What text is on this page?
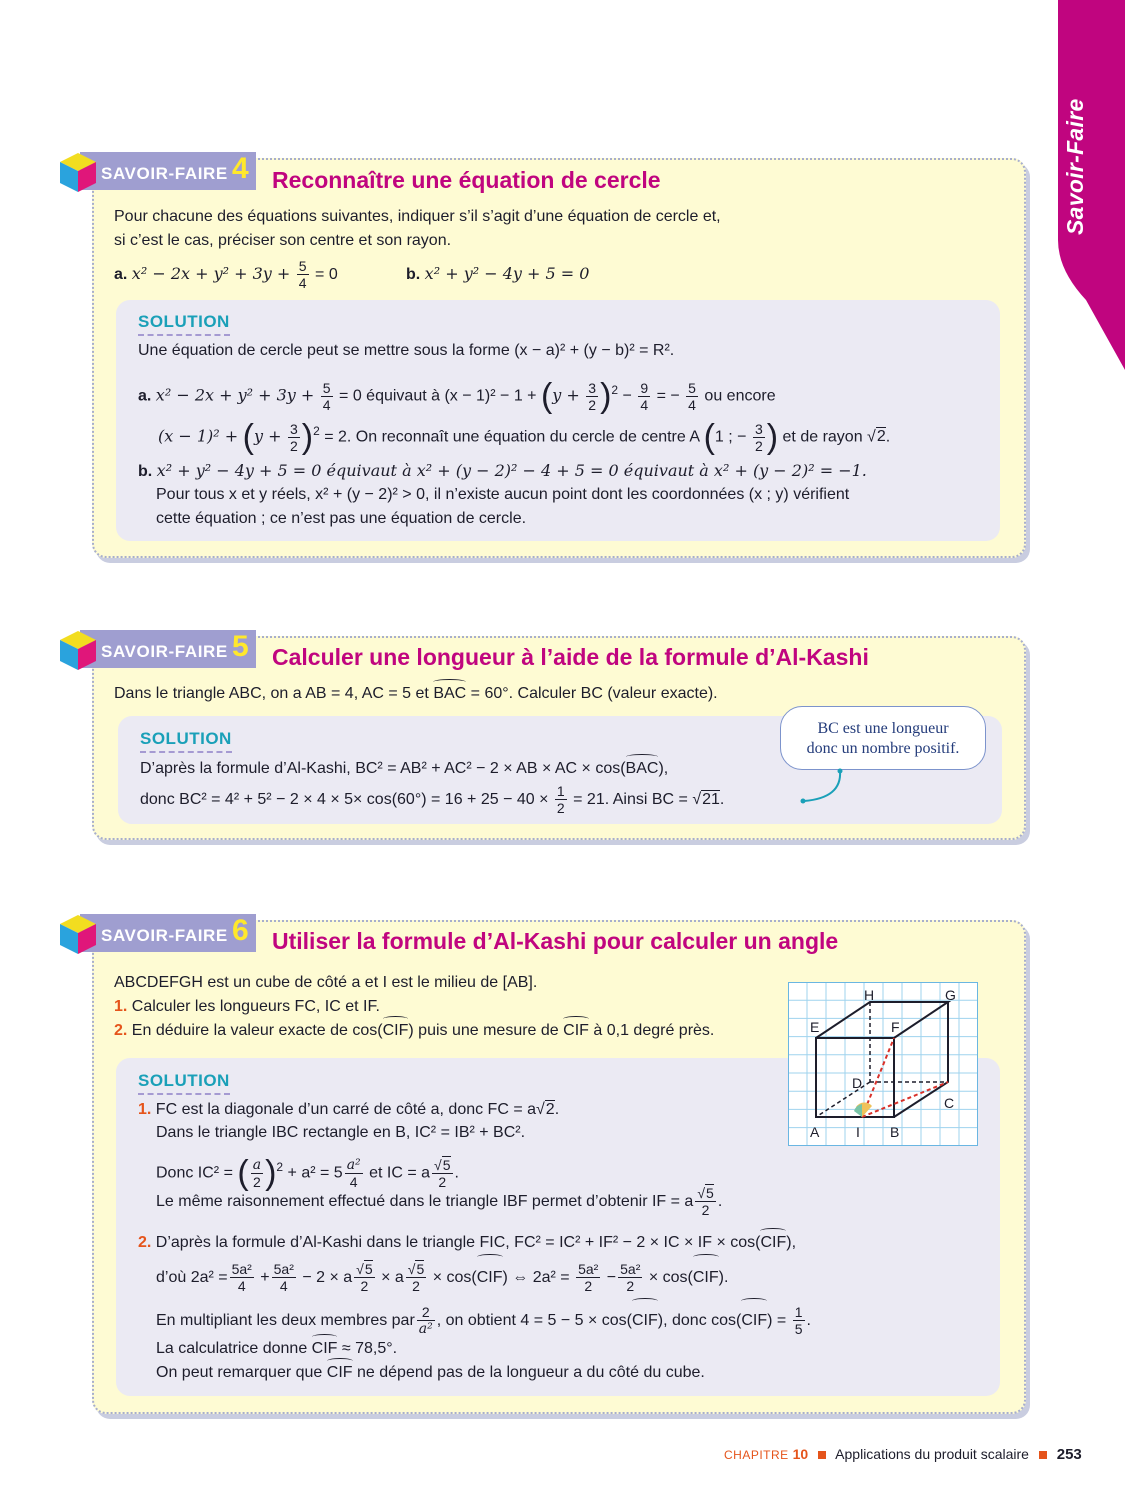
Savoir-Faire
SAVOIR-FAIRE 4 Reconnaître une équation de cercle
Pour chacune des équations suivantes, indiquer s’il s’agit d’une équation de cercle et,
si c’est le cas, préciser son centre et son rayon.
a. $x^2 - 2x + y^2 + 3y + \frac{5}{4} = 0$	b. x² + y² − 4y + 5 = 0
SOLUTION
Une équation de cercle peut se mettre sous la forme (x − a)² + (y − b)² = R².
a. $x^2 - 2x + y^2 + 3y + \frac{5}{4} = 0$ équivaut à $(x - 1)^2 - 1 + (y + \frac{3}{2} )^2 - \frac{9}{4}$ = − $\frac{5}{4}$ ou encore
$(x - 1)^2 + (y + \frac{3}{2} )^2 = 2$. On reconnaît une équation du cercle de centre A (1 ; − $\frac{3}{2}$ ) et de rayon √2.
b. x² + y² − 4y + 5 = 0 équivaut à x² + (y − 2)² − 4 + 5 = 0 équivaut à x² + (y − 2)² = −1.
Pour tous x et y réels, x² + (y − 2)² > 0, il n’existe aucun point dont les coordonnées (x ; y) vérifient
cette équation ; ce n’est pas une équation de cercle.
SAVOIR-FAIRE 5 Calculer une longueur à l’aide de la formule d’Al-Kashi
Dans le triangle ABC, on a AB = 4, AC = 5 et BAC = 60°. Calculer BC (valeur exacte).
SOLUTION
D’après la formule d’Al-Kashi, BC² = AB² + AC² − 2 × AB × AC × cos(BAC),
donc $BC^2 = 4^2 + 5^2 - 2 \times 4 \times 5\times \cos(60^\circ) = 16 + 25 - 40 \times \frac{1}{2} = 21$. Ainsi BC = √21.
BC est une longueur
donc un nombre positif.
SAVOIR-FAIRE 6 Utiliser la formule d’Al-Kashi pour calculer un angle
ABCDEFGH est un cube de côté a et I est le milieu de [AB].
1. Calculer les longueurs FC, IC et IF.
2. En déduire la valeur exacte de cos(CIF) puis une mesure de CIF à 0,1 degré près.
A	I B
C
D
E	F
G
H
SOLUTION
1. FC est la diagonale d’un carré de côté a, donc FC = a√2.
Dans le triangle IBC rectangle en B, IC² = IB² + BC².
Donc IC² = ( $\frac{a}{2} )^2 + a^2 = 5 \frac{\text{a²}}{4}$ et IC = a $\frac{√5}{2}$ .
Le même raisonnement effectué dans le triangle IBF permet d’obtenir IF = a $\frac{√5}{2}$ .
2. D’après la formule d’Al-Kashi dans le triangle FIC, FC² = IC² + IF² − 2 × IC × IF × cos(CIF),
d’où $2a^2 = \frac{\text{5a²}}{4} + \frac{\text{5a²}}{4} - 2 \times a \frac{√5}{2} \times a \frac{√5}{2} \times \cos(CIF)$ ⇔ $2a^2 = \frac{\text{5a²}}{2} - \frac{\text{5a²}}{2} \times \cos(CIF)$.
En multipliant les deux membres par $\frac{2}{\text{a²}}$ , on obtient 4 = 5 − 5 × cos(CIF), donc $\cos(CIF) = \frac{1}{5}$ .
La calculatrice donne CIF ≈ 78,5°.
On peut remarquer que CIF ne dépend pas de la longueur a du côté du cube.
CHAPITRE 10 Applications du produit scalaire 253
